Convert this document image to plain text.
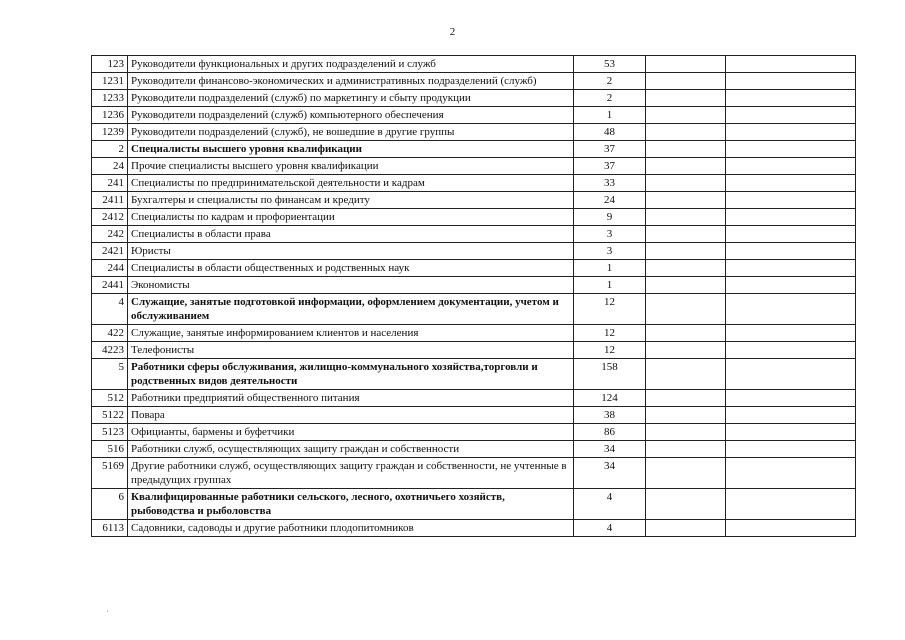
2
123	Руководители функциональных и других подразделений и служб	53		
1231	Руководители финансово-экономических и административных подразделений (служб)	2		
1233	Руководители подразделений (служб) по маркетингу и сбыту продукции	2		
1236	Руководители подразделений (служб) компьютерного обеспечения	1		
1239	Руководители подразделений (служб), не вошедшие в другие группы	48		
2	Специалисты высшего уровня квалификации	37		
24	Прочие специалисты высшего уровня квалификации	37		
241	Специалисты по предпринимательской деятельности и кадрам	33		
2411	Бухгалтеры и специалисты по финансам и кредиту	24		
2412	Специалисты по кадрам и профориентации	9		
242	Специалисты в области права	3		
2421	Юристы	3		
244	Специалисты в области общественных и родственных наук	1		
2441	Экономисты	1		
4	Служащие, занятые подготовкой информации, оформлением документации, учетом и обслуживанием	12		
422	Служащие, занятые информированием клиентов и населения	12		
4223	Телефонисты	12		
5	Работники сферы обслуживания, жилищно-коммунального хозяйства,торговли и родственных видов деятельности	158		
512	Работники предприятий общественного питания	124		
5122	Повара	38		
5123	Официанты, бармены и буфетчики	86		
516	Работники служб, осуществляющих защиту граждан и собственности	34		
5169	Другие работники служб, осуществляющих защиту граждан и собственности, не учтенные в предыдущих группах	34		
6	Квалифицированные работники сельского, лесного, охотничьего хозяйств, рыбоводства и рыболовства	4		
6113	Садовники, садоводы и другие работники плодопитомников	4		
·
